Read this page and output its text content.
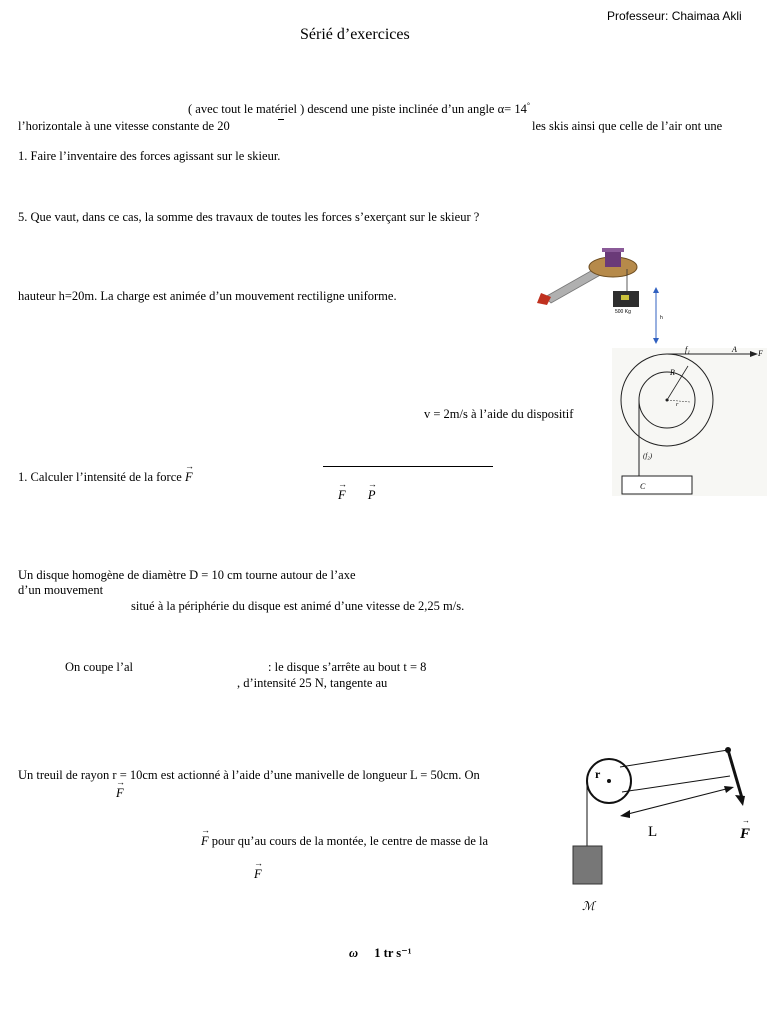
Professeur: Chaimaa Akli
Sérié d’exercices
( avec tout le matériel ) descend une piste inclinée d’un angle α= 14°
l’horizontale à une vitesse constante de 20	les skis ainsi que celle de l’air ont une
1. Faire l’inventaire des forces agissant sur le skieur.
5. Que vaut, dans ce cas, la somme des travaux de toutes les forces s’exerçant sur le skieur ?
hauteur h=20m. La charge est animée d’un mouvement rectiligne uniforme.
500 Kg
h
v = 2m/s à l’aide du dispositif
1. Calculer l’intensité de la force → F
→ F → P
f₁	A	F
R
r
(f₂)
C
Un disque homogène de diamètre D = 10 cm tourne autour de l’axe
d’un mouvement
situé à la périphérie du disque est animé d’une vitesse de 2,25 m/s.
On coupe l’al	: le disque s’arrête au bout t = 8
, d’intensité 25 N, tangente au
Un treuil de rayon r = 10cm est actionné à l’aide d’une manivelle de longueur L = 50cm. On
→ F
→ F pour qu’au cours de la montée, le centre de masse de la
→ F
ω 1 tr s⁻¹
r
L	F
→
ℳ
